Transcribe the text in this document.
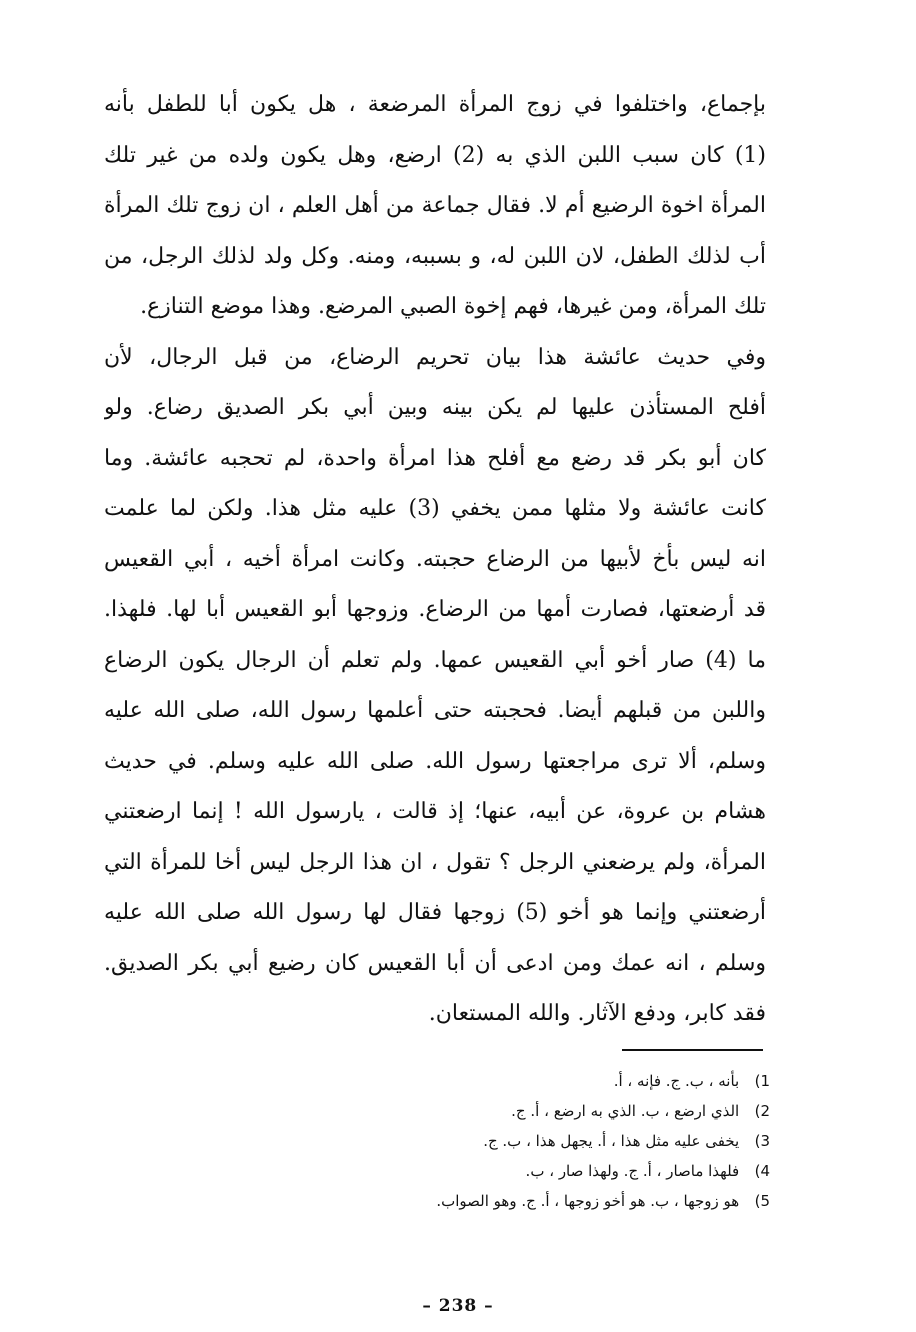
بإجماع، واختلفوا في زوج المرأة المرضعة ، هل يكون أبا للطفل بأنه
(1) كان سبب اللبن الذي به (2) ارضع، وهل يكون ولده من غير تلك
المرأة اخوة الرضيع أم لا. فقال جماعة من أهل العلم ، ان زوج تلك المرأة
أب لذلك الطفل، لان اللبن له، و بسببه، ومنه. وكل ولد لذلك الرجل، من
تلك المرأة، ومن غيرها، فهم إخوة الصبي المرضع. وهذا موضع التنازع.
وفي حديث عائشة هذا بيان تحريم الرضاع، من قبل الرجال، لأن
أفلح المستأذن عليها لم يكن بينه وبين أبي بكر الصديق رضاع. ولو
كان أبو بكر قد رضع مع أفلح هذا امرأة واحدة، لم تحجبه عائشة. وما
كانت عائشة ولا مثلها ممن يخفي (3) عليه مثل هذا. ولكن لما علمت
انه ليس بأخ لأبيها من الرضاع حجبته. وكانت امرأة أخيه ، أبي القعيس
قد أرضعتها، فصارت أمها من الرضاع. وزوجها أبو القعيس أبا لها. فلهذا.
ما (4) صار أخو أبي القعيس عمها. ولم تعلم أن الرجال يكون الرضاع
واللبن من قبلهم أيضا. فحجبته حتى أعلمها رسول الله، صلى الله عليه
وسلم، ألا ترى مراجعتها رسول الله. صلى الله عليه وسلم. في حديث
هشام بن عروة، عن أبيه، عنها؛ إذ قالت ، يارسول الله ! إنما ارضعتني
المرأة، ولم يرضعني الرجل ؟ تقول ، ان هذا الرجل ليس أخا للمرأة التي
أرضعتني وإنما هو أخو (5) زوجها فقال لها رسول الله صلى الله عليه
وسلم ، انه عمك ومن ادعى أن أبا القعيس كان رضيع أبي بكر الصديق.
فقد كابر، ودفع الآثار. والله المستعان.
1) بأنه ، ب. ج. فإنه ، أ.
2) الذي ارضع ، ب. الذي به ارضع ، أ. ج.
3) يخفى عليه مثل هذا ، أ. يجهل هذا ، ب. ج.
4) فلهذا ماصار ، أ. ج. ولهذا صار ، ب.
5) هو زوجها ، ب. هو أخو زوجها ، أ. ج. وهو الصواب.
– 238 –
